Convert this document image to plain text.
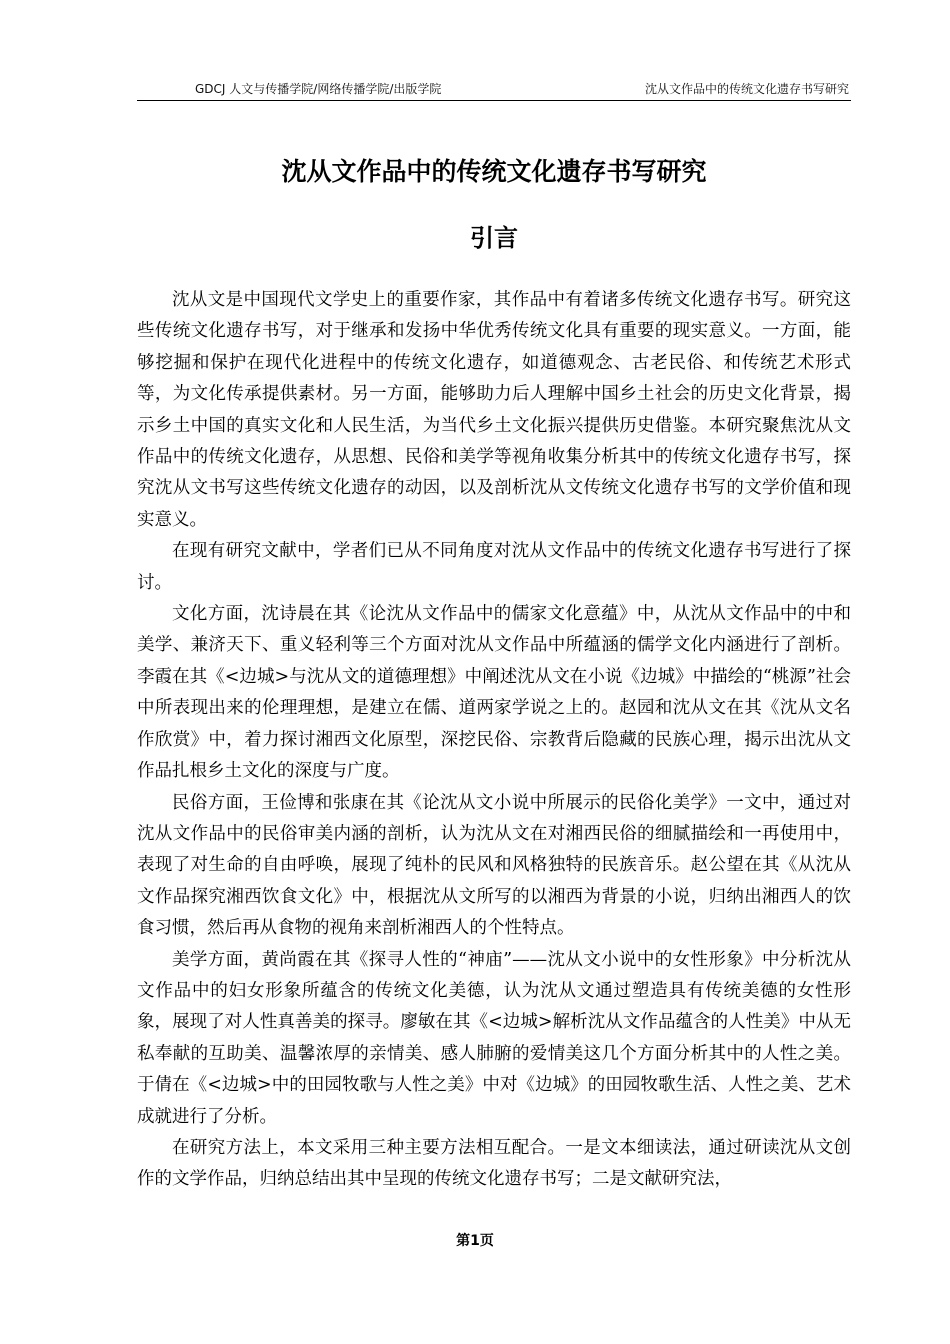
GDCJ 人文与传播学院/网络传播学院/出版学院	沈从文作品中的传统文化遗存书写研究
沈从文作品中的传统文化遗存书写研究
引言

沈从文是中国现代文学史上的重要作家，其作品中有着诸多传统文化遗存书写。研究这些传统文化遗存书写，对于继承和发扬中华优秀传统文化具有重要的现实意义。一方面，能够挖掘和保护在现代化进程中的传统文化遗存，如道德观念、古老民俗、和传统艺术形式等，为文化传承提供素材。另一方面，能够助力后人理解中国乡土社会的历史文化背景，揭示乡土中国的真实文化和人民生活，为当代乡土文化振兴提供历史借鉴。本研究聚焦沈从文作品中的传统文化遗存，从思想、民俗和美学等视角收集分析其中的传统文化遗存书写，探究沈从文书写这些传统文化遗存的动因，以及剖析沈从文传统文化遗存书写的文学价值和现实意义。

在现有研究文献中，学者们已从不同角度对沈从文作品中的传统文化遗存书写进行了探讨。

文化方面，沈诗晨在其《论沈从文作品中的儒家文化意蕴》中，从沈从文作品中的中和美学、兼济天下、重义轻利等三个方面对沈从文作品中所蕴涵的儒学文化内涵进行了剖析。李霞在其《<边城>与沈从文的道德理想》中阐述沈从文在小说《边城》中描绘的“桃源”社会中所表现出来的伦理理想，是建立在儒、道两家学说之上的。赵园和沈从文在其《沈从文名作欣赏》中，着力探讨湘西文化原型，深挖民俗、宗教背后隐藏的民族心理，揭示出沈从文作品扎根乡土文化的深度与广度。

民俗方面，王俭博和张康在其《论沈从文小说中所展示的民俗化美学》一文中，通过对沈从文作品中的民俗审美内涵的剖析，认为沈从文在对湘西民俗的细腻描绘和一再使用中，表现了对生命的自由呼唤，展现了纯朴的民风和风格独特的民族音乐。赵公望在其《从沈从文作品探究湘西饮食文化》中，根据沈从文所写的以湘西为背景的小说，归纳出湘西人的饮食习惯，然后再从食物的视角来剖析湘西人的个性特点。

美学方面，黄尚霞在其《探寻人性的“神庙”——沈从文小说中的女性形象》中分析沈从文作品中的妇女形象所蕴含的传统文化美德，认为沈从文通过塑造具有传统美德的女性形象，展现了对人性真善美的探寻。廖敏在其《<边城>解析沈从文作品蕴含的人性美》中从无私奉献的互助美、温馨浓厚的亲情美、感人肺腑的爱情美这几个方面分析其中的人性之美。于倩在《<边城>中的田园牧歌与人性之美》中对《边城》的田园牧歌生活、人性之美、艺术成就进行了分析。

在研究方法上，本文采用三种主要方法相互配合。一是文本细读法，通过研读沈从文创作的文学作品，归纳总结出其中呈现的传统文化遗存书写；二是文献研究法，

第1页
